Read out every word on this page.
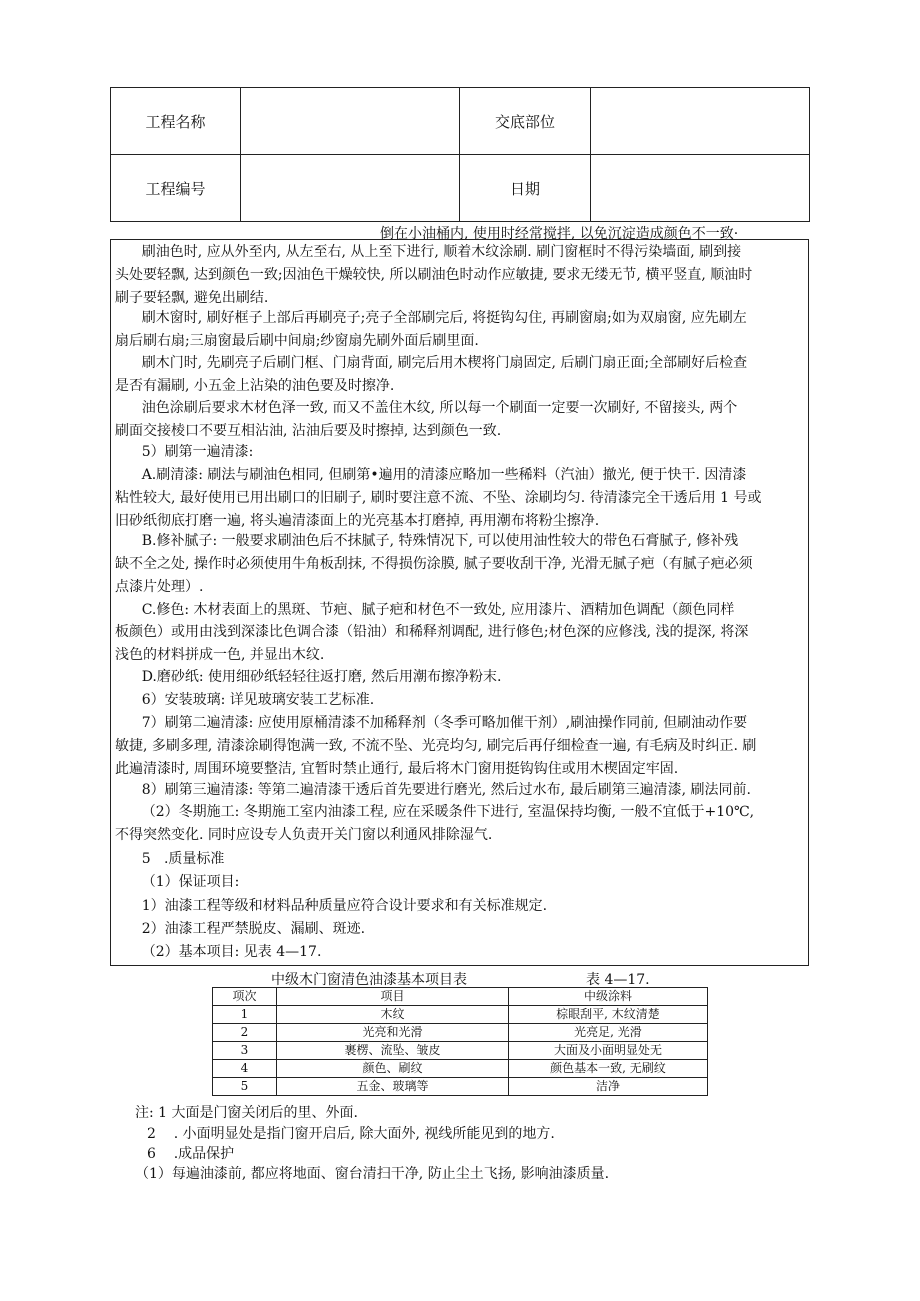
工程名称		交底部位	
工程编号		日期	
倒在小油桶内, 使用时经常搅拌, 以免沉淀造成颜色不一致·
刷油色时, 应从外至内, 从左至右, 从上至下进行, 顺着木纹涂刷. 刷门窗框时不得污染墙面, 刷到接
头处要轻飘, 达到颜色一致;因油色干燥较快, 所以刷油色时动作应敏捷, 要求无缕无节, 横平竖直, 顺油时
刷子要轻飘, 避免出刷结.
刷木窗时, 刷好框子上部后再刷亮子;亮子全部刷完后, 将挺钩勾住, 再刷窗扇;如为双扇窗, 应先刷左
扇后刷右扇;三扇窗最后刷中间扇;纱窗扇先刷外面后刷里面.
刷木门时, 先刷亮子后刷门框、门扇背面, 刷完后用木楔将门扇固定, 后刷门扇正面;全部刷好后检查
是否有漏刷, 小五金上沾染的油色要及时擦净.
油色涂刷后要求木材色泽一致, 而又不盖住木纹, 所以每一个刷面一定要一次刷好, 不留接头, 两个
刷面交接棱口不要互相沾油, 沾油后要及时擦掉, 达到颜色一致.
5）刷第一遍清漆:
A.刷清漆: 刷法与刷油色相同, 但刷第•遍用的清漆应略加一些稀料（汽油）撤光, 便于快干. 因清漆
粘性较大, 最好使用已用出刷口的旧刷子, 刷时要注意不流、不坠、涂刷均匀. 待清漆完全干透后用 1 号或
旧砂纸彻底打磨一遍, 将头遍清漆面上的光亮基本打磨掉, 再用潮布将粉尘擦净.
B.修补腻子: 一般要求刷油色后不抹腻子, 特殊情况下, 可以使用油性较大的带色石膏腻子, 修补残
缺不全之处, 操作时必须使用牛角板刮抹, 不得损伤涂膜, 腻子要收刮干净, 光滑无腻子疤（有腻子疤必须
点漆片处理）.
C.修色: 木材表面上的黑斑、节疤、腻子疤和材色不一致处, 应用漆片、酒精加色调配（颜色同样
板颜色）或用由浅到深漆比色调合漆（铅油）和稀释剂调配, 进行修色;材色深的应修浅, 浅的提深, 将深
浅色的材料拼成一色, 并显出木纹.
D.磨砂纸: 使用细砂纸轻轻往返打磨, 然后用潮布擦净粉末.
6）安装玻璃: 详见玻璃安装工艺标准.
7）刷第二遍清漆: 应使用原桶清漆不加稀释剂（冬季可略加催干剂）,刷油操作同前, 但刷油动作要
敏捷, 多刷多理, 清漆涂刷得饱满一致, 不流不坠、光亮均匀, 刷完后再仔细检查一遍, 有毛病及时纠正. 刷
此遍清漆时, 周围环境要整洁, 宜暂时禁止通行, 最后将木门窗用挺钩钩住或用木楔固定牢固.
8）刷第三遍清漆: 等第二遍清漆干透后首先要进行磨光, 然后过水布, 最后刷第三遍清漆, 刷法同前.
（2）冬期施工: 冬期施工室内油漆工程, 应在采暖条件下进行, 室温保持均衡, 一般不宜低于+10℃,
不得突然变化. 同时应设专人负责开关门窗以利通风排除湿气.
5   .质量标准
（1）保证项目:
1）油漆工程等级和材料品种质量应符合设计要求和有关标准规定.
2）油漆工程严禁脱皮、漏刷、斑迹.
（2）基本项目: 见表 4—17.
中级木门窗清色油漆基本项目表	表 4—17.
项次	项目	中级涂料
1	木纹	棕眼刮平, 木纹清楚
2	光亮和光滑	光亮足, 光滑
3	裹楞、流坠、皱皮	大面及小面明显处无
4	颜色、刷纹	颜色基本一致, 无刷纹
5	五金、玻璃等	洁净
注: 1 大面是门窗关闭后的里、外面.
2    . 小面明显处是指门窗开启后, 除大面外, 视线所能见到的地方.
6    .成品保护
（1）每遍油漆前, 都应将地面、窗台清扫干净, 防止尘土飞扬, 影响油漆质量.
